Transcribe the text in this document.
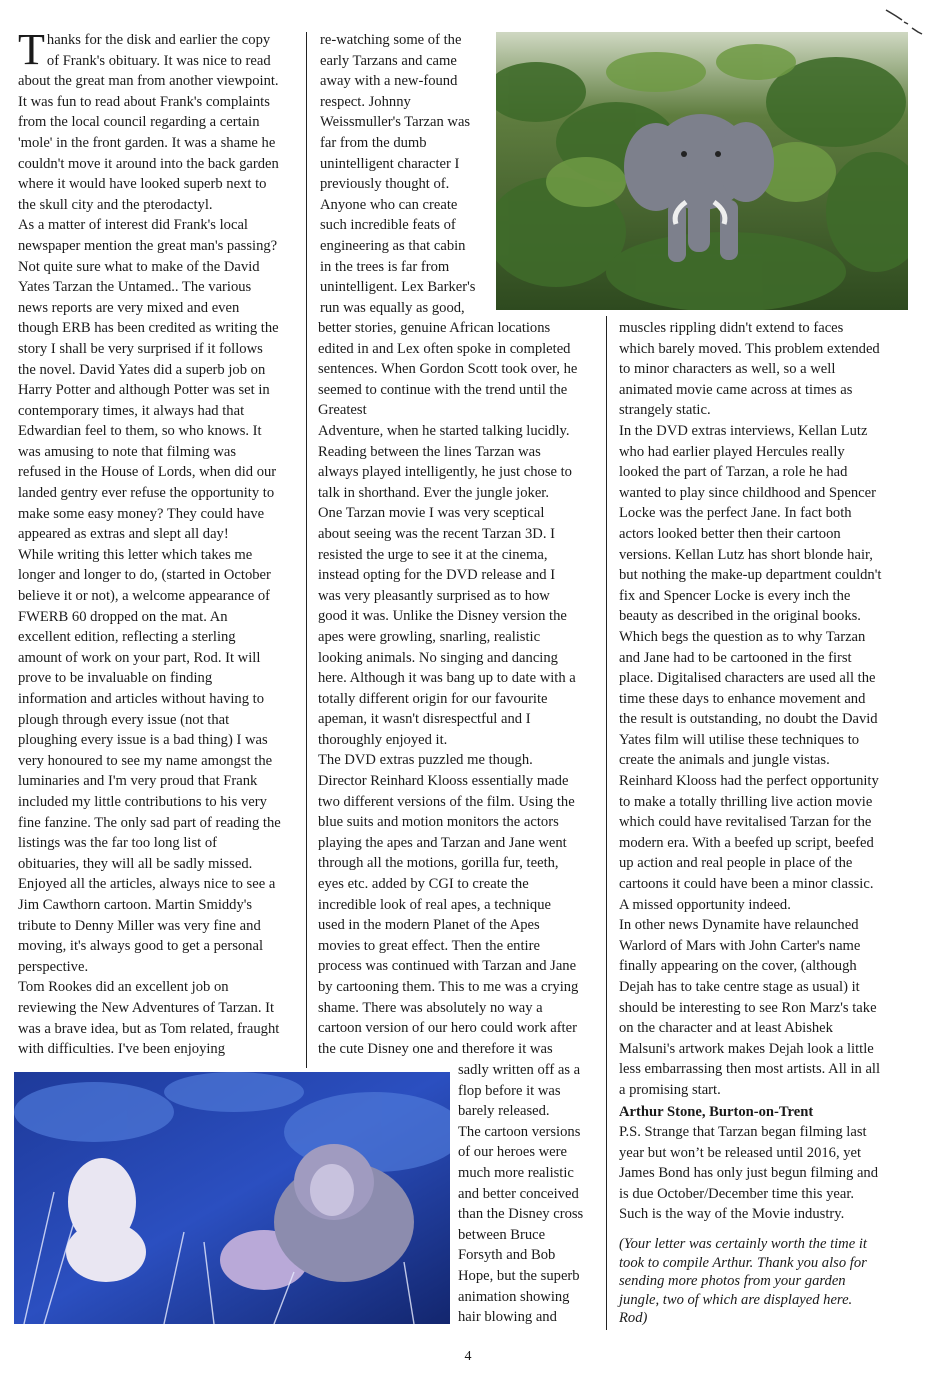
T hanks for the disk and earlier the copy
of Frank's obituary. It was nice to read
about the great man from another viewpoint.
It was fun to read about Frank's complaints
from the local council regarding a certain
'mole' in the front garden. It was a shame he
couldn't move it around into the back garden
where it would have looked superb next to
the skull city and the pterodactyl.
As a matter of interest did Frank's local
newspaper mention the great man's passing?
Not quite sure what to make of the David
Yates Tarzan the Untamed.. The various
news reports are very mixed and even
though ERB has been credited as writing the
story I shall be very surprised if it follows
the novel. David Yates did a superb job on
Harry Potter and although Potter was set in
contemporary times, it always had that
Edwardian feel to them, so who knows. It
was amusing to note that filming was
refused in the House of Lords, when did our
landed gentry ever refuse the opportunity to
make some easy money? They could have
appeared as extras and slept all day!
While writing this letter which takes me
longer and longer to do, (started in October
believe it or not), a welcome appearance of
FWERB 60 dropped on the mat. An
excellent edition, reflecting a sterling
amount of work on your part, Rod. It will
prove to be invaluable on finding
information and articles without having to
plough through every issue (not that
ploughing every issue is a bad thing) I was
very honoured to see my name amongst the
luminaries and I'm very proud that Frank
included my little contributions to his very
fine fanzine. The only sad part of reading the
listings was the far too long list of
obituaries, they will all be sadly missed.
Enjoyed all the articles, always nice to see a
Jim Cawthorn cartoon. Martin Smiddy's
tribute to Denny Miller was very fine and
moving, it's always good to get a personal
perspective.
Tom Rookes did an excellent job on
reviewing the New Adventures of Tarzan. It
was a brave idea, but as Tom related, fraught
with difficulties. I've been enjoying
re-watching some of the
early Tarzans and came
away with a new-found
respect. Johnny
Weissmuller's Tarzan was
far from the dumb
unintelligent character I
previously thought of.
Anyone who can create
such incredible feats of
engineering as that cabin
in the trees is far from
unintelligent. Lex Barker's
run was equally as good,
better stories, genuine African locations
edited in and Lex often spoke in completed
sentences. When Gordon Scott took over, he
seemed to continue with the trend until the
Greatest
Adventure, when he started talking lucidly.
Reading between the lines Tarzan was
always played intelligently, he just chose to
talk in shorthand. Ever the jungle joker.
One Tarzan movie I was very sceptical
about seeing was the recent Tarzan 3D. I
resisted the urge to see it at the cinema,
instead opting for the DVD release and I
was very pleasantly surprised as to how
good it was. Unlike the Disney version the
apes were growling, snarling, realistic
looking animals. No singing and dancing
here. Although it was bang up to date with a
totally different origin for our favourite
apeman, it wasn't disrespectful and I
thoroughly enjoyed it.
The DVD extras puzzled me though.
Director Reinhard Klooss essentially made
two different versions of the film. Using the
blue suits and motion monitors the actors
playing the apes and Tarzan and Jane went
through all the motions, gorilla fur, teeth,
eyes etc. added by CGI to create the
incredible look of real apes, a technique
used in the modern Planet of the Apes
movies to great effect. Then the entire
process was continued with Tarzan and Jane
by cartooning them. This to me was a crying
shame. There was absolutely no way a
cartoon version of our hero could work after
the cute Disney one and therefore it was
sadly written off as a
flop before it was
barely released.
The cartoon versions
of our heroes were
much more realistic
and better conceived
than the Disney cross
between Bruce
Forsyth and Bob
Hope, but the superb
animation showing
hair blowing and
muscles rippling didn't extend to faces
which barely moved. This problem extended
to minor characters as well, so a well
animated movie came across at times as
strangely static.
In the DVD extras interviews, Kellan Lutz
who had earlier played Hercules really
looked the part of Tarzan, a role he had
wanted to play since childhood and Spencer
Locke was the perfect Jane. In fact both
actors looked better then their cartoon
versions. Kellan Lutz has short blonde hair,
but nothing the make-up department couldn't
fix and Spencer Locke is every inch the
beauty as described in the original books.
Which begs the question as to why Tarzan
and Jane had to be cartooned in the first
place. Digitalised characters are used all the
time these days to enhance movement and
the result is outstanding, no doubt the David
Yates film will utilise these techniques to
create the animals and jungle vistas.
Reinhard Klooss had the perfect opportunity
to make a totally thrilling live action movie
which could have revitalised Tarzan for the
modern era. With a beefed up script, beefed
up action and real people in place of the
cartoons it could have been a minor classic.
A missed opportunity indeed.
In other news Dynamite have relaunched
Warlord of Mars with John Carter's name
finally appearing on the cover, (although
Dejah has to take centre stage as usual) it
should be interesting to see Ron Marz's take
on the character and at least Abishek
Malsuni's artwork makes Dejah look a little
less embarrassing then most artists. All in all
a promising start.
Arthur Stone, Burton-on-Trent
P.S. Strange that Tarzan began filming last
year but won’t be released until 2016, yet
James Bond has only just begun filming and
is due October/December time this year.
Such is the way of the Movie industry.
(Your letter was certainly worth the time it
took to compile Arthur. Thank you also for
sending more photos from your garden
jungle, two of which are displayed here.
Rod)
4
